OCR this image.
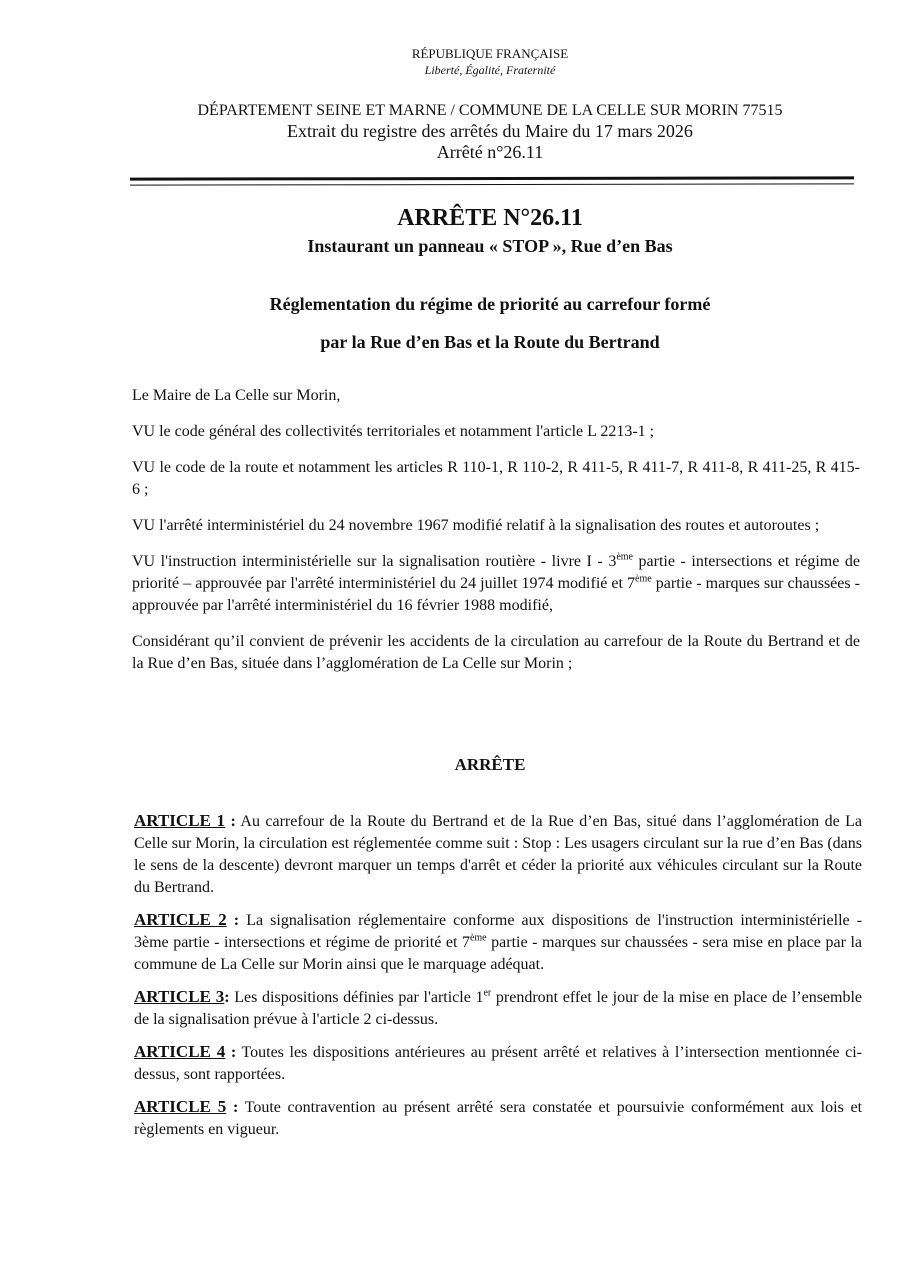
RÉPUBLIQUE FRANÇAISE
Liberté, Égalité, Fraternité
DÉPARTEMENT SEINE ET MARNE / COMMUNE DE LA CELLE SUR MORIN 77515
Extrait du registre des arrêtés du Maire du 17 mars 2026
Arrêté n°26.11
ARRÊTE N°26.11
Instaurant un panneau « STOP », Rue d’en Bas
Réglementation du régime de priorité au carrefour formé
par la Rue d’en Bas et la Route du Bertrand

Le Maire de La Celle sur Morin,

VU le code général des collectivités territoriales et notamment l'article L 2213-1 ;

VU le code de la route et notamment les articles R 110-1, R 110-2, R 411-5, R 411-7, R 411-8, R 411-25, R 415-6 ;

VU l'arrêté interministériel du 24 novembre 1967 modifié relatif à la signalisation des routes et autoroutes ;

VU l'instruction interministérielle sur la signalisation routière - livre I - 3ème partie - intersections et régime de priorité – approuvée par l'arrêté interministériel du 24 juillet 1974 modifié et 7ème partie - marques sur chaussées - approuvée par l'arrêté interministériel du 16 février 1988 modifié,

Considérant qu’il convient de prévenir les accidents de la circulation au carrefour de la Route du Bertrand et de la Rue d’en Bas, située dans l’agglomération de La Celle sur Morin ;

ARRÊTE

ARTICLE 1 : Au carrefour de la Route du Bertrand et de la Rue d’en Bas, situé dans l’agglomération de La Celle sur Morin, la circulation est réglementée comme suit : Stop : Les usagers circulant sur la rue d’en Bas (dans le sens de la descente) devront marquer un temps d'arrêt et céder la priorité aux véhicules circulant sur la Route du Bertrand.

ARTICLE 2 : La signalisation réglementaire conforme aux dispositions de l'instruction interministérielle - 3ème partie - intersections et régime de priorité et 7ème partie - marques sur chaussées - sera mise en place par la commune de La Celle sur Morin ainsi que le marquage adéquat.

ARTICLE 3: Les dispositions définies par l'article 1er prendront effet le jour de la mise en place de l’ensemble de la signalisation prévue à l'article 2 ci-dessus.

ARTICLE 4 : Toutes les dispositions antérieures au présent arrêté et relatives à l’intersection mentionnée ci-dessus, sont rapportées.

ARTICLE 5 : Toute contravention au présent arrêté sera constatée et poursuivie conformément aux lois et règlements en vigueur.
